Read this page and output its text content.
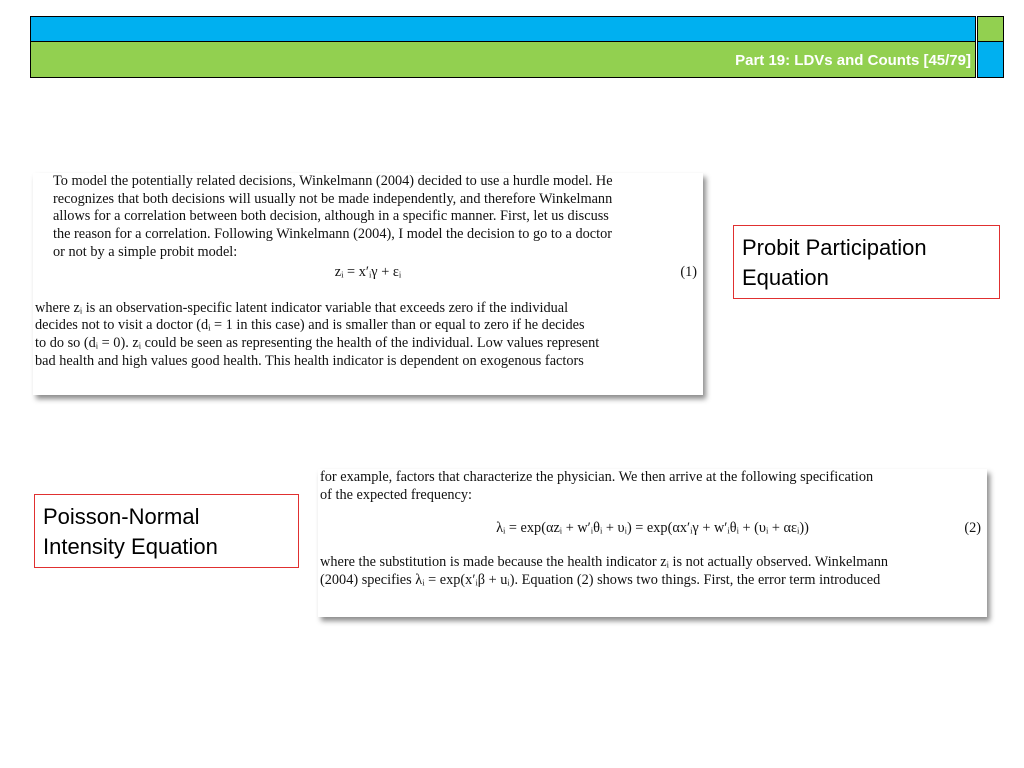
Part 19: LDVs and Counts [45/79]

To model the potentially related decisions, Winkelmann (2004) decided to use a hurdle model. He
recognizes that both decisions will usually not be made independently, and therefore Winkelmann
allows for a correlation between both decision, although in a specific manner. First, let us discuss
the reason for a correlation. Following Winkelmann (2004), I model the decision to go to a doctor
or not by a simple probit model:

zᵢ = x′ᵢγ + εᵢ	(1)

where zᵢ is an observation-specific latent indicator variable that exceeds zero if the individual
decides not to visit a doctor (dᵢ = 1 in this case) and is smaller than or equal to zero if he decides
to do so (dᵢ = 0). zᵢ could be seen as representing the health of the individual. Low values represent
bad health and high values good health. This health indicator is dependent on exogenous factors

Probit Participation
Equation

for example, factors that characterize the physician. We then arrive at the following specification
of the expected frequency:

λᵢ = exp(αzᵢ + w′ᵢθᵢ + υᵢ) = exp(αx′ᵢγ + w′ᵢθᵢ + (υᵢ + αεᵢ))	(2)

where the substitution is made because the health indicator zᵢ is not actually observed. Winkelmann
(2004) specifies λᵢ = exp(x′ᵢβ + uᵢ). Equation (2) shows two things. First, the error term introduced

Poisson-Normal
Intensity Equation
